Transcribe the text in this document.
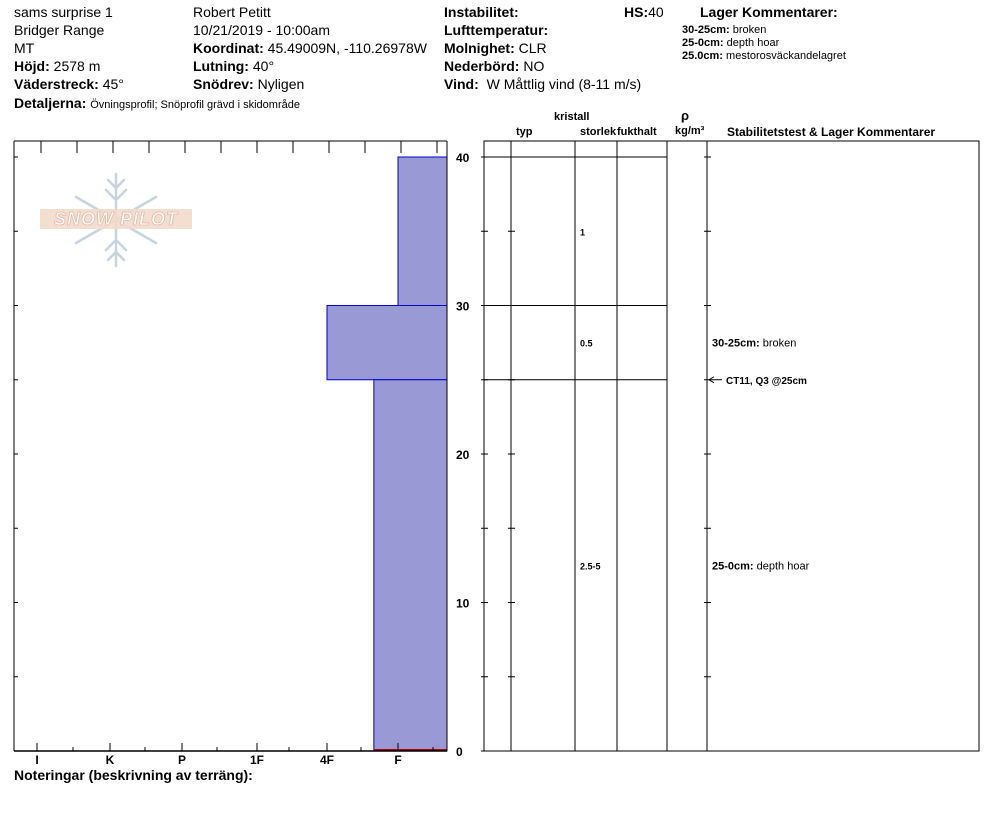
sams surprise 1
Bridger Range
MT
Höjd: 2578 m
Väderstreck: 45°
Detaljerna: Övningsprofil; Snöprofil grävd i skidområde
Robert Petitt
10/21/2019 - 10:00am
Koordinat: 45.49009N, -110.26978W
Lutning: 40°
Snödrev: Nyligen
Instabilitet:
Lufttemperatur:
Molnighet: CLR
Nederbörd: NO
Vind: W Måttlig vind (8-11 m/s)
HS:40	Lager Kommentarer:
30-25cm: broken
25-0cm: depth hoar
25.0cm: mestorosväckandelagret
kristall
typ	storlek fukthalt
ρ
kg/m³ Stabilitetstest & Lager Kommentarer
SNOW PILOT
I	K	P	1F	4F	F
0
10
20
30
40
1
0.5
2.5-5
30-25cm: broken
25-0cm: depth hoar
CT11, Q3 @25cm
Noteringar (beskrivning av terräng):
